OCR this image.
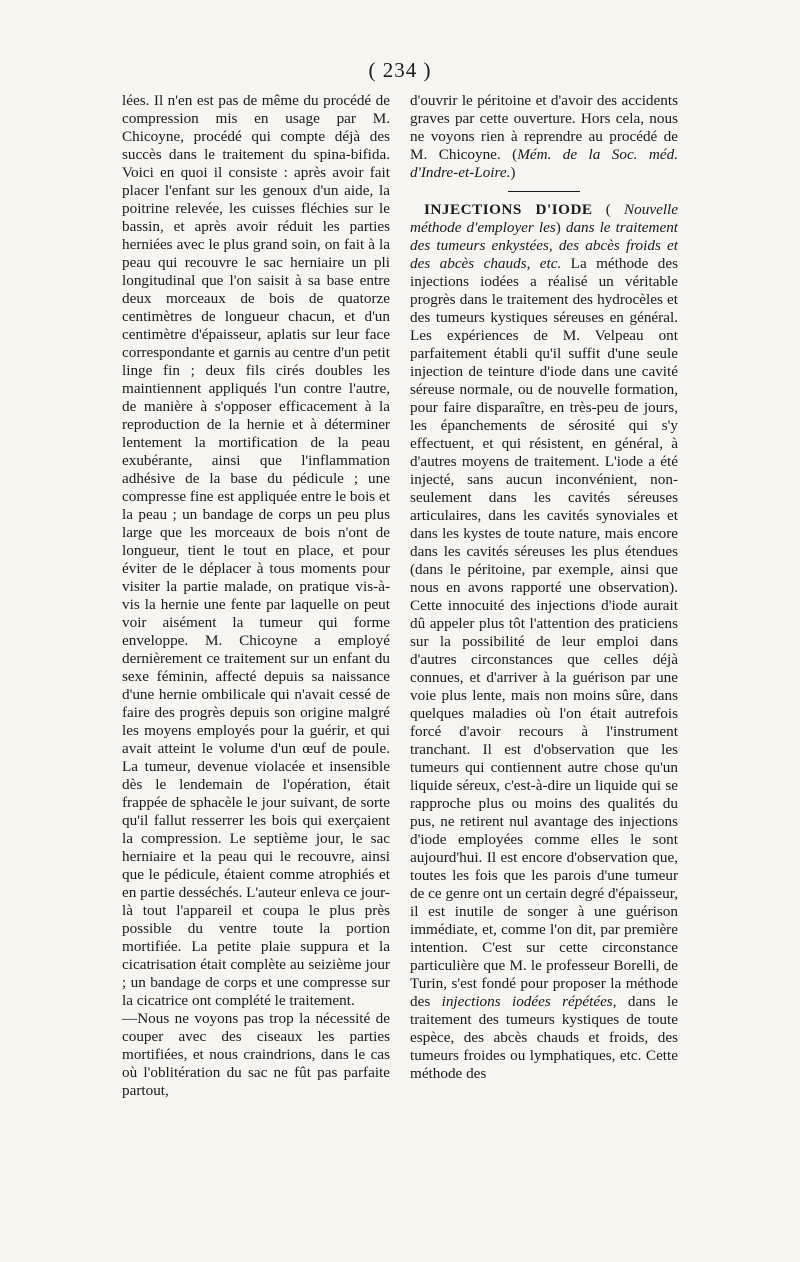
( 234 )

lées. Il n'en est pas de même du procédé de compression mis en usage par M. Chicoyne, procédé qui compte déjà des succès dans le traitement du spina-bifida. Voici en quoi il consiste : après avoir fait placer l'enfant sur les genoux d'un aide, la poitrine relevée, les cuisses fléchies sur le bassin, et après avoir réduit les parties herniées avec le plus grand soin, on fait à la peau qui recouvre le sac herniaire un pli longitudinal que l'on saisit à sa base entre deux morceaux de bois de quatorze centimètres de longueur chacun, et d'un centimètre d'épaisseur, aplatis sur leur face correspondante et garnis au centre d'un petit linge fin ; deux fils cirés doubles les maintiennent appliqués l'un contre l'autre, de manière à s'opposer efficacement à la reproduction de la hernie et à déterminer lentement la mortification de la peau exubérante, ainsi que l'inflammation adhésive de la base du pédicule ; une compresse fine est appliquée entre le bois et la peau ; un bandage de corps un peu plus large que les morceaux de bois n'ont de longueur, tient le tout en place, et pour éviter de le déplacer à tous moments pour visiter la partie malade, on pratique vis-à-vis la hernie une fente par laquelle on peut voir aisément la tumeur qui forme enveloppe. M. Chicoyne a employé dernièrement ce traitement sur un enfant du sexe féminin, affecté depuis sa naissance d'une hernie ombilicale qui n'avait cessé de faire des progrès depuis son origine malgré les moyens employés pour la guérir, et qui avait atteint le volume d'un œuf de poule. La tumeur, devenue violacée et insensible dès le lendemain de l'opération, était frappée de sphacèle le jour suivant, de sorte qu'il fallut resserrer les bois qui exerçaient la compression. Le septième jour, le sac herniaire et la peau qui le recouvre, ainsi que le pédicule, étaient comme atrophiés et en partie desséchés. L'auteur enleva ce jour-là tout l'appareil et coupa le plus près possible du ventre toute la portion mortifiée. La petite plaie suppura et la cicatrisation était complète au seizième jour ; un bandage de corps et une compresse sur la cicatrice ont complété le traitement.

—Nous ne voyons pas trop la nécessité de couper avec des ciseaux les parties mortifiées, et nous craindrions, dans le cas où l'oblitération du sac ne fût pas parfaite partout,

d'ouvrir le péritoine et d'avoir des accidents graves par cette ouverture. Hors cela, nous ne voyons rien à reprendre au procédé de M. Chicoyne. (Mém. de la Soc. méd. d'Indre-et-Loire.)

INJECTIONS D'IODE ( Nouvelle méthode d'employer les) dans le traitement des tumeurs enkystées, des abcès froids et des abcès chauds, etc. La méthode des injections iodées a réalisé un véritable progrès dans le traitement des hydrocèles et des tumeurs kystiques séreuses en général. Les expériences de M. Velpeau ont parfaitement établi qu'il suffit d'une seule injection de teinture d'iode dans une cavité séreuse normale, ou de nouvelle formation, pour faire disparaître, en très-peu de jours, les épanchements de sérosité qui s'y effectuent, et qui résistent, en général, à d'autres moyens de traitement. L'iode a été injecté, sans aucun inconvénient, non-seulement dans les cavités séreuses articulaires, dans les cavités synoviales et dans les kystes de toute nature, mais encore dans les cavités séreuses les plus étendues (dans le péritoine, par exemple, ainsi que nous en avons rapporté une observation). Cette innocuité des injections d'iode aurait dû appeler plus tôt l'attention des praticiens sur la possibilité de leur emploi dans d'autres circonstances que celles déjà connues, et d'arriver à la guérison par une voie plus lente, mais non moins sûre, dans quelques maladies où l'on était autrefois forcé d'avoir recours à l'instrument tranchant. Il est d'observation que les tumeurs qui contiennent autre chose qu'un liquide séreux, c'est-à-dire un liquide qui se rapproche plus ou moins des qualités du pus, ne retirent nul avantage des injections d'iode employées comme elles le sont aujourd'hui. Il est encore d'observation que, toutes les fois que les parois d'une tumeur de ce genre ont un certain degré d'épaisseur, il est inutile de songer à une guérison immédiate, et, comme l'on dit, par première intention. C'est sur cette circonstance particulière que M. le professeur Borelli, de Turin, s'est fondé pour proposer la méthode des injections iodées répétées, dans le traitement des tumeurs kystiques de toute espèce, des abcès chauds et froids, des tumeurs froides ou lymphatiques, etc. Cette méthode des
